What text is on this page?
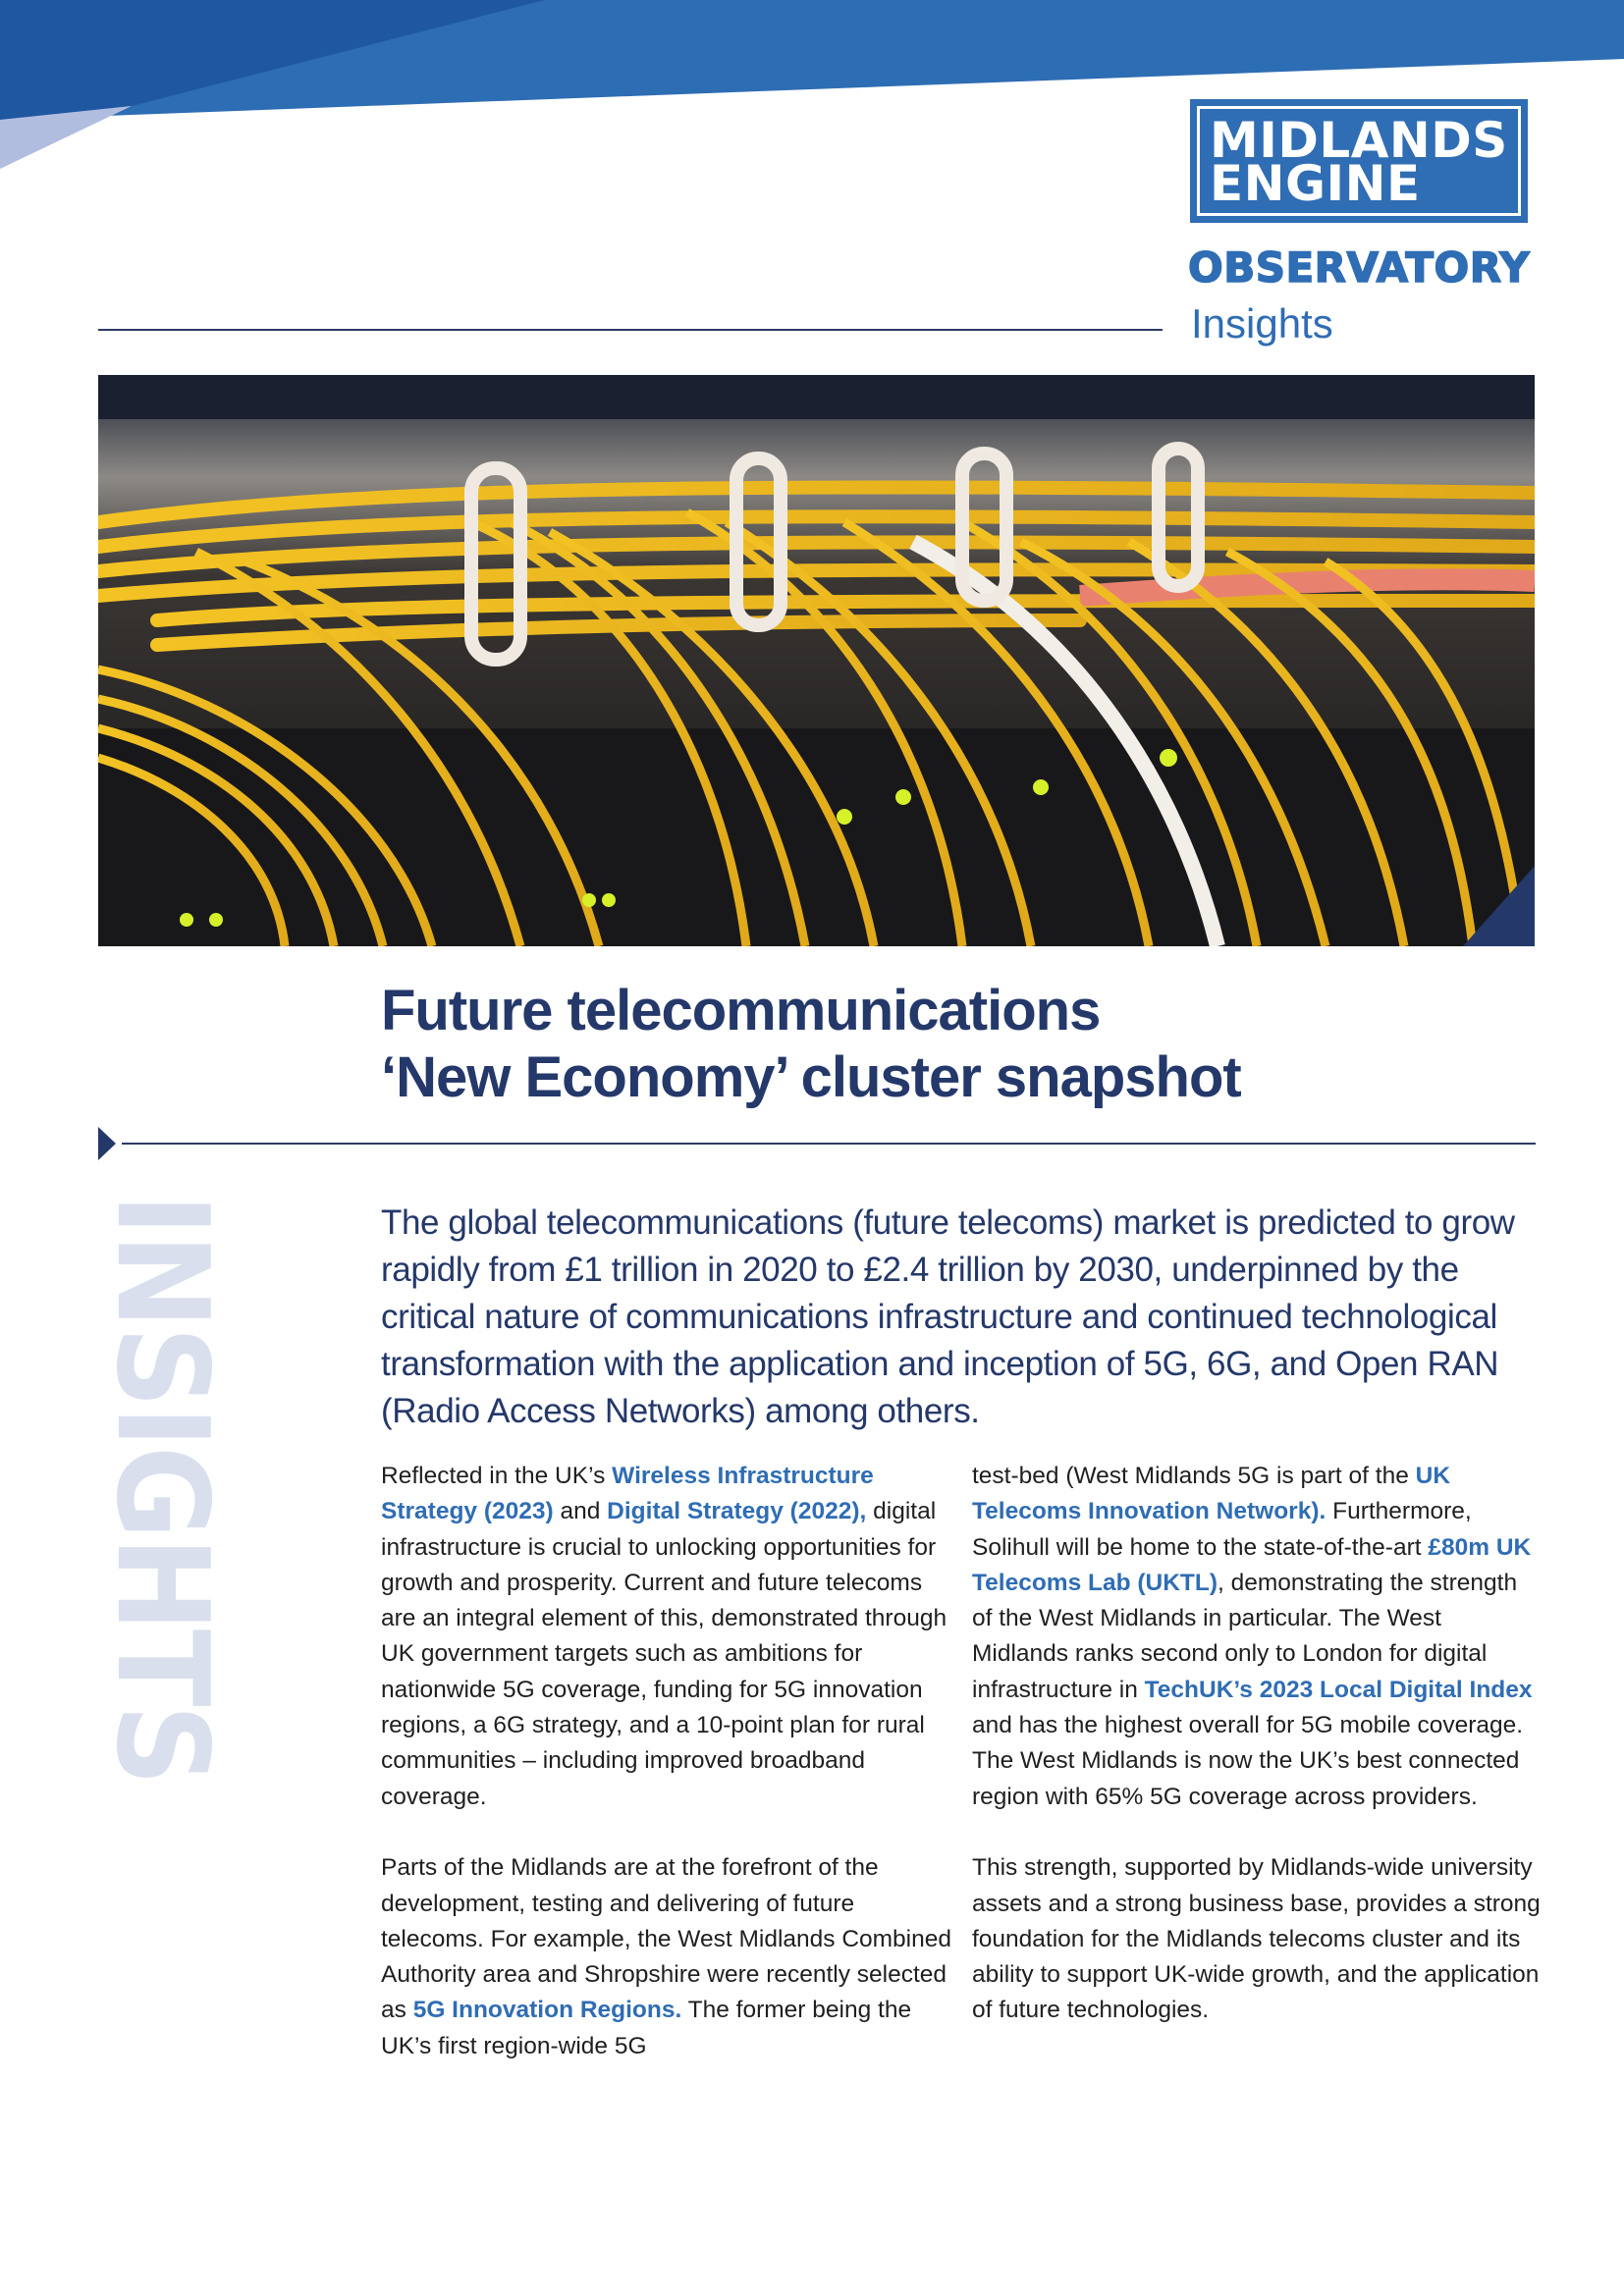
MIDLANDS
ENGINE
OBSERVATORY
Insights
Future telecommunications
‘New Economy’ cluster snapshot
INSIGHTS	The global telecommunications (future telecoms) market is predicted to grow rapidly from £1 trillion in 2020 to £2.4 trillion by 2030, underpinned by the critical nature of communications infrastructure and continued technological transformation with the application and inception of 5G, 6G, and Open RAN (Radio Access Networks) among others.

Reflected in the UK’s Wireless Infrastructure Strategy (2023) and Digital Strategy (2022), digital infrastructure is crucial to unlocking opportunities for growth and prosperity. Current and future telecoms are an integral element of this, demonstrated through UK government targets such as ambitions for nationwide 5G coverage, funding for 5G innovation regions, a 6G strategy, and a 10-point plan for rural communities – including improved broadband coverage.

Parts of the Midlands are at the forefront of the development, testing and delivering of future telecoms. For example, the West Midlands Combined Authority area and Shropshire were recently selected as 5G Innovation Regions. The former being the UK’s first region-wide 5G

test-bed (West Midlands 5G is part of the UK Telecoms Innovation Network). Furthermore, Solihull will be home to the state-of-the-art £80m UK Telecoms Lab (UKTL), demonstrating the strength of the West Midlands in particular. The West Midlands ranks second only to London for digital infrastructure in TechUK’s 2023 Local Digital Index and has the highest overall for 5G mobile coverage. The West Midlands is now the UK’s best connected region with 65% 5G coverage across providers.

This strength, supported by Midlands-wide university assets and a strong business base, provides a strong foundation for the Midlands telecoms cluster and its ability to support UK-wide growth, and the application of future technologies.
